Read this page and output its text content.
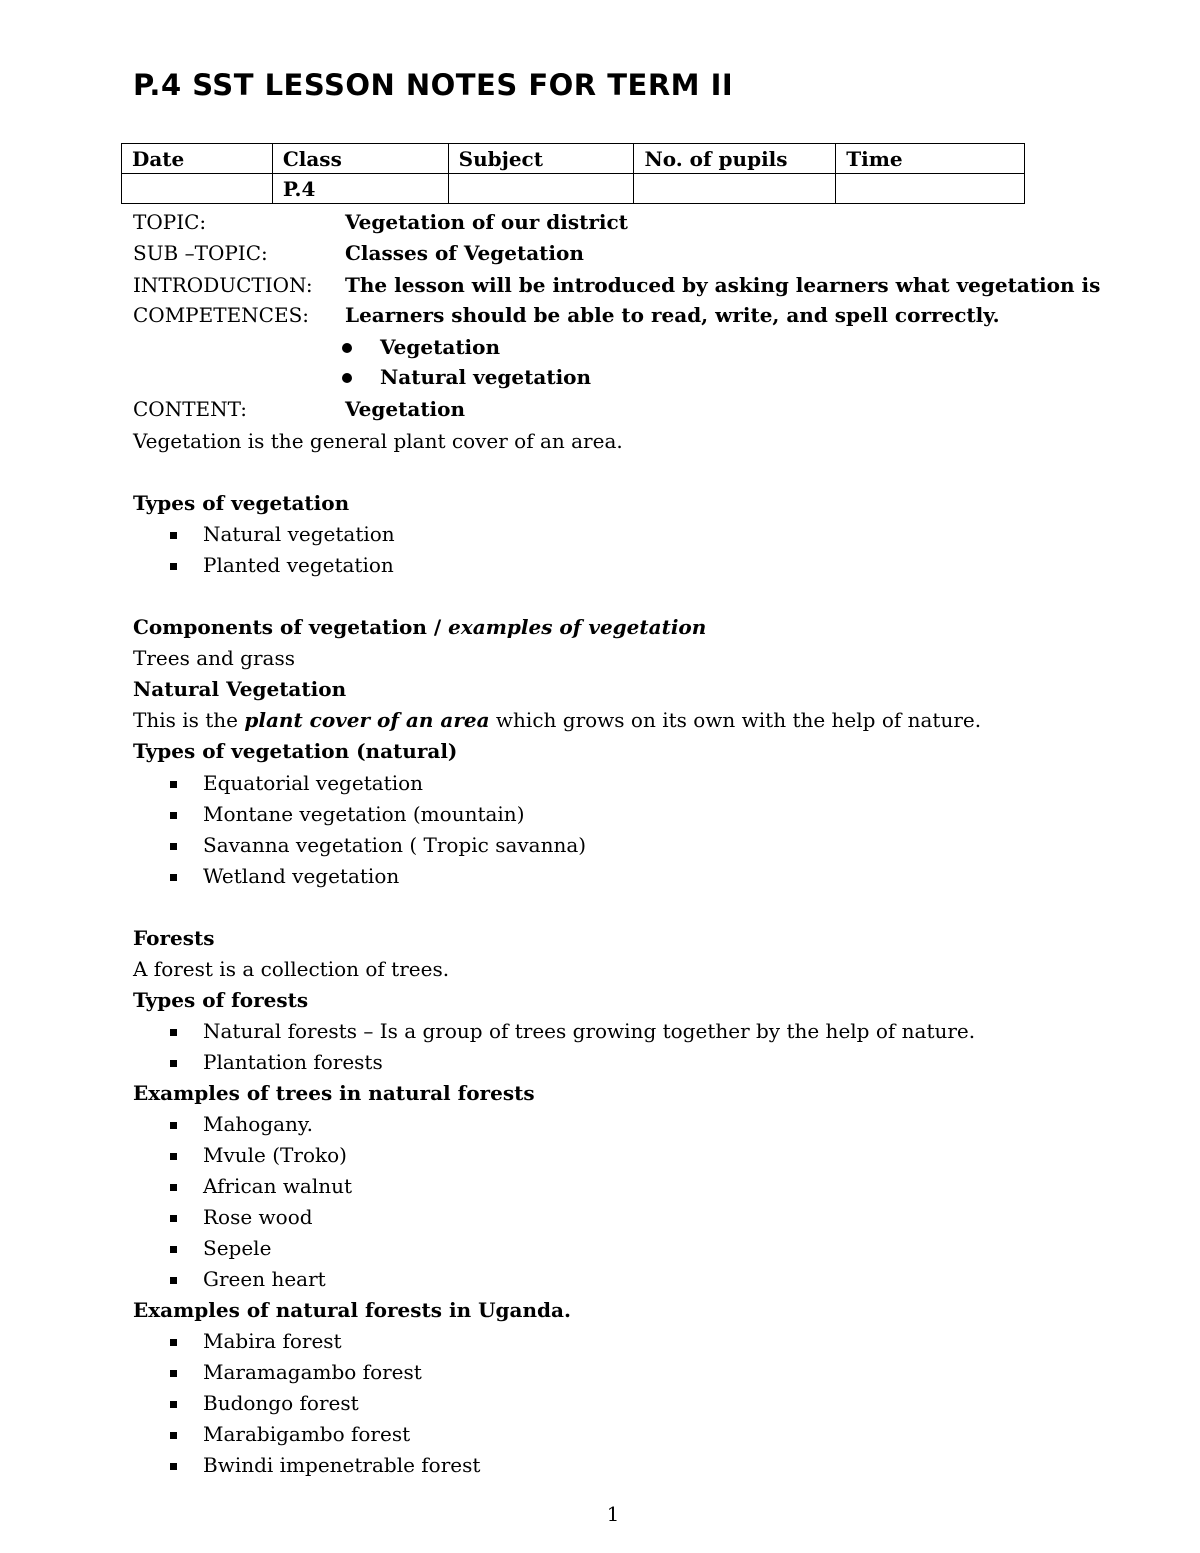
P.4 SST LESSON NOTES FOR TERM II
Date	Class	Subject	No. of pupils	Time
	P.4			
TOPIC:	Vegetation of our district
SUB –TOPIC:	Classes of Vegetation
INTRODUCTION: The lesson will be introduced by asking learners what vegetation is
COMPETENCES: Learners should be able to read, write, and spell correctly.
Vegetation
Natural vegetation
CONTENT:	Vegetation
Vegetation is the general plant cover of an area.
Types of vegetation
Natural vegetation
Planted vegetation
Components of vegetation / examples of vegetation
Trees and grass
Natural Vegetation
This is the plant cover of an area which grows on its own with the help of nature.
Types of vegetation (natural)
Equatorial vegetation
Montane vegetation (mountain)
Savanna vegetation ( Tropic savanna)
Wetland vegetation
Forests
A forest is a collection of trees.
Types of forests
Natural forests – Is a group of trees growing together by the help of nature.
Plantation forests
Examples of trees in natural forests
Mahogany.
Mvule (Troko)
African walnut
Rose wood
Sepele
Green heart
Examples of natural forests in Uganda.
Mabira forest
Maramagambo forest
Budongo forest
Marabigambo forest
Bwindi impenetrable forest
1
